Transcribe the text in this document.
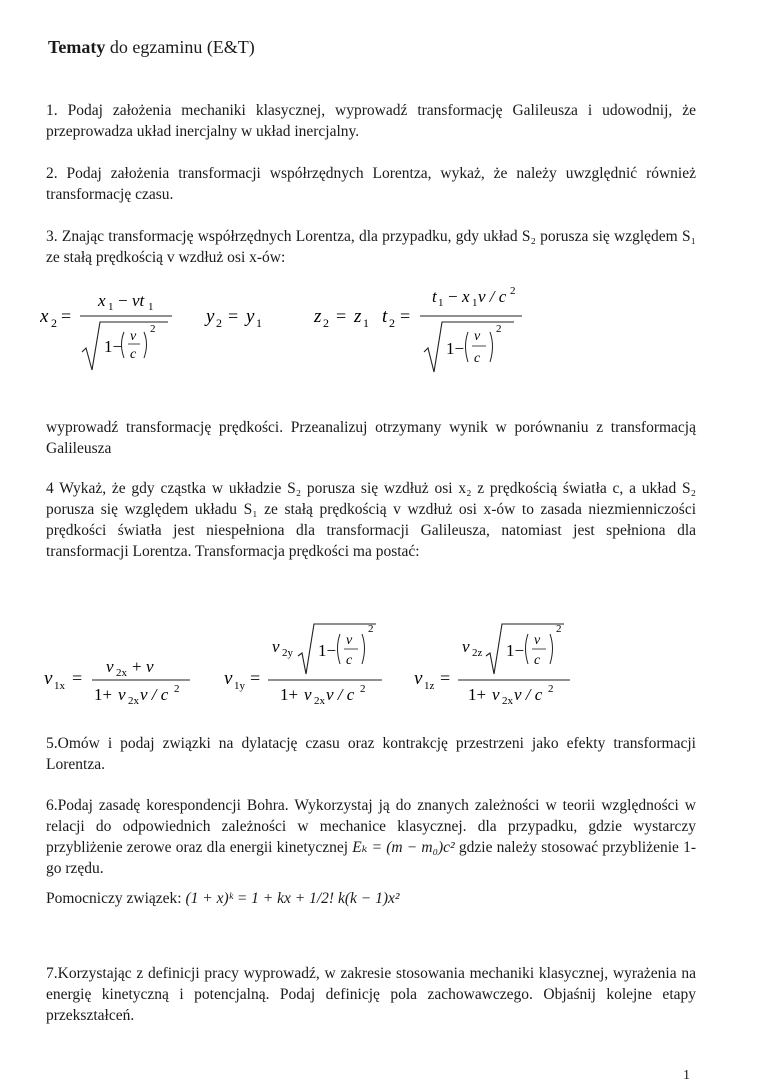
Tematy do egzaminu (E&T)
1. Podaj założenia mechaniki klasycznej, wyprowadź transformację Galileusza i udowodnij, że przeprowadza układ inercjalny w układ inercjalny.
2. Podaj założenia transformacji współrzędnych Lorentza, wykaż, że należy uwzględnić również transformację czasu.
3. Znając transformację współrzędnych Lorentza, dla przypadku, gdy układ S₂ porusza się względem S₁ ze stałą prędkością v wzdłuż osi x-ów:
x 2 =
x 1 − vt 1
1−
v
c
2
y 2 = y 1	z 2 = z 1 t 2 =
t 1 − x 1 v / c 2
1−
v
c
2
wyprowadź transformację prędkości. Przeanalizuj otrzymany wynik w porównaniu z transformacją Galileusza
4 Wykaż, że gdy cząstka w układzie S₂ porusza się wzdłuż osi x₂ z prędkością światła c, a układ S₂ porusza się względem układu S₁ ze stałą prędkością v wzdłuż osi x-ów to zasada niezmienniczości prędkości światła jest niespełniona dla transformacji Galileusza, natomiast jest spełniona dla transformacji Lorentza. Transformacja prędkości ma postać:
v 1x =
v 2x + v
1+ v 2x v / c 2 v 1y =
v 2y 1−
v
c
2
1+ v 2x v / c 2	v 1z =
v 2z 1−
v
c
2
1+ v 2x v / c 2
5.Omów i podaj związki na dylatację czasu oraz kontrakcję przestrzeni jako efekty transformacji Lorentza.
6.Podaj zasadę korespondencji Bohra. Wykorzystaj ją do znanych zależności w teorii względności w relacji do odpowiednich zależności w mechanice klasycznej. dla przypadku, gdzie wystarczy przybliżenie zerowe oraz dla energii kinetycznej Eₖ = (m − m₀)c² gdzie należy stosować przybliżenie 1-go rzędu.
Pomocniczy związek: (1 + x)ᵏ = 1 + kx + 1/2! k(k − 1)x²
7.Korzystając z definicji pracy wyprowadź, w zakresie stosowania mechaniki klasycznej, wyrażenia na energię kinetyczną i potencjalną. Podaj definicję pola zachowawczego. Objaśnij kolejne etapy przekształceń.
1
